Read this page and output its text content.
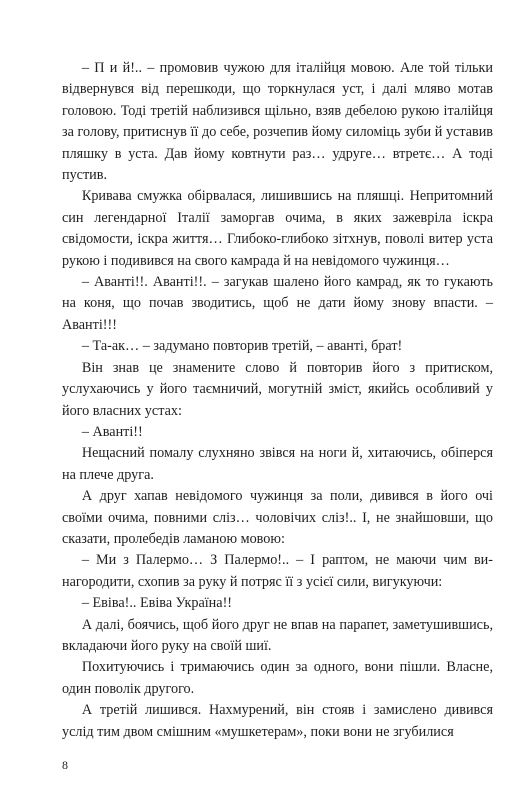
– П и й!.. – промовив чужою для італійця мовою. Але той тільки відвернувся від перешкоди, що торкнулася уст, і далі мляво мотав головою. Тоді третій наблизився щільно, взяв дебелою рукою італійця за голову, притиснув її до себе, розчепив йому силоміць зуби й уставив пляшку в уста. Дав йому ковтнути раз… удруге… втретє… А тоді пустив.

Кривава смужка обірвалася, лишившись на пляшці. Непритомний син легендарної Італії заморгав очима, в яких зажевріла іскра свідомости, іскра життя… Глибоко-глибоко зітхнув, поволі витер уста рукою і подивився на свого камрада й на невідомого чужинця…

– Аванті!!. Аванті!!. – загукав шалено його камрад, як то гукають на коня, що почав зводитись, щоб не дати йому знову впасти. – Аванті!!!

– Та-ак… – задумано повторив третій, – аванті, брат!

Він знав це знамените слово й повторив його з притиском, услухаючись у його таємничий, могутній зміст, якийсь особливий у його власних устах:

– Аванті!!

Нещасний помалу слухняно звівся на ноги й, хитаючись, обіперся на плече друга.

А друг хапав невідомого чужинця за поли, дивився в його очі своїми очима, повними сліз… чоловічих сліз!.. І, не знайшовши, що сказати, пролебедів ламаною мовою:

– Ми з Палермо… З Палермо!.. – І раптом, не маючи чим винагородити, схопив за руку й потряс її з усієї сили, вигукуючи:

– Евіва!.. Евіва Україна!!

А далі, боячись, щоб його друг не впав на парапет, заметушившись, вкладаючи його руку на своїй шиї.

Похитуючись і тримаючись один за одного, вони пішли. Власне, один поволік другого.

А третій лишився. Нахмурений, він стояв і замислено дивився услід тим двом смішним «мушкетерам», поки вони не згубилися

8
